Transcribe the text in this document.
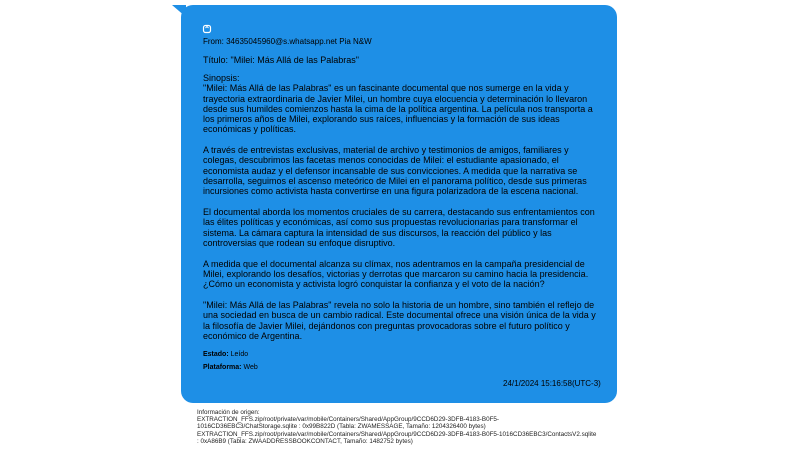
From: 34635045960@s.whatsapp.net Pia N&W
Título: "Milei: Más Allá de las Palabras"
Sinopsis:

"Milei: Más Allá de las Palabras" es un fascinante documental que nos sumerge en la vida y trayectoria extraordinaria de Javier Milei, un hombre cuya elocuencia y determinación lo llevaron desde sus humildes comienzos hasta la cima de la política argentina. La película nos transporta a los primeros años de Milei, explorando sus raíces, influencias y la formación de sus ideas económicas y políticas.

A través de entrevistas exclusivas, material de archivo y testimonios de amigos, familiares y colegas, descubrimos las facetas menos conocidas de Milei: el estudiante apasionado, el economista audaz y el defensor incansable de sus convicciones. A medida que la narrativa se desarrolla, seguimos el ascenso meteórico de Milei en el panorama político, desde sus primeras incursiones como activista hasta convertirse en una figura polarizadora de la escena nacional.

El documental aborda los momentos cruciales de su carrera, destacando sus enfrentamientos con las élites políticas y económicas, así como sus propuestas revolucionarias para transformar el sistema. La cámara captura la intensidad de sus discursos, la reacción del público y las controversias que rodean su enfoque disruptivo.

A medida que el documental alcanza su clímax, nos adentramos en la campaña presidencial de Milei, explorando los desafíos, victorias y derrotas que marcaron su camino hacia la presidencia. ¿Cómo un economista y activista logró conquistar la confianza y el voto de la nación?

"Milei: Más Allá de las Palabras" revela no solo la historia de un hombre, sino también el reflejo de una sociedad en busca de un cambio radical. Este documental ofrece una visión única de la vida y la filosofía de Javier Milei, dejándonos con preguntas provocadoras sobre el futuro político y económico de Argentina.

Estado: Leído
Plataforma: Web
24/1/2024 15:16:58(UTC-3)
Información de origen:
EXTRACTION_FFS.zip/root/private/var/mobile/Containers/Shared/AppGroup/9CCD6D29-3DFB-4183-B0F5-
1016CD36EBC3/ChatStorage.sqlite : 0x99B822D (Tabla: ZWAMESSAGE, Tamaño: 1204326400 bytes)
EXTRACTION_FFS.zip/root/private/var/mobile/Containers/Shared/AppGroup/9CCD6D29-3DFB-4183-B0F5-1016CD36EBC3/ContactsV2.sqlite
: 0xA86B9 (Tabla: ZWAADDRESSBOOKCONTACT, Tamaño: 1482752 bytes)
